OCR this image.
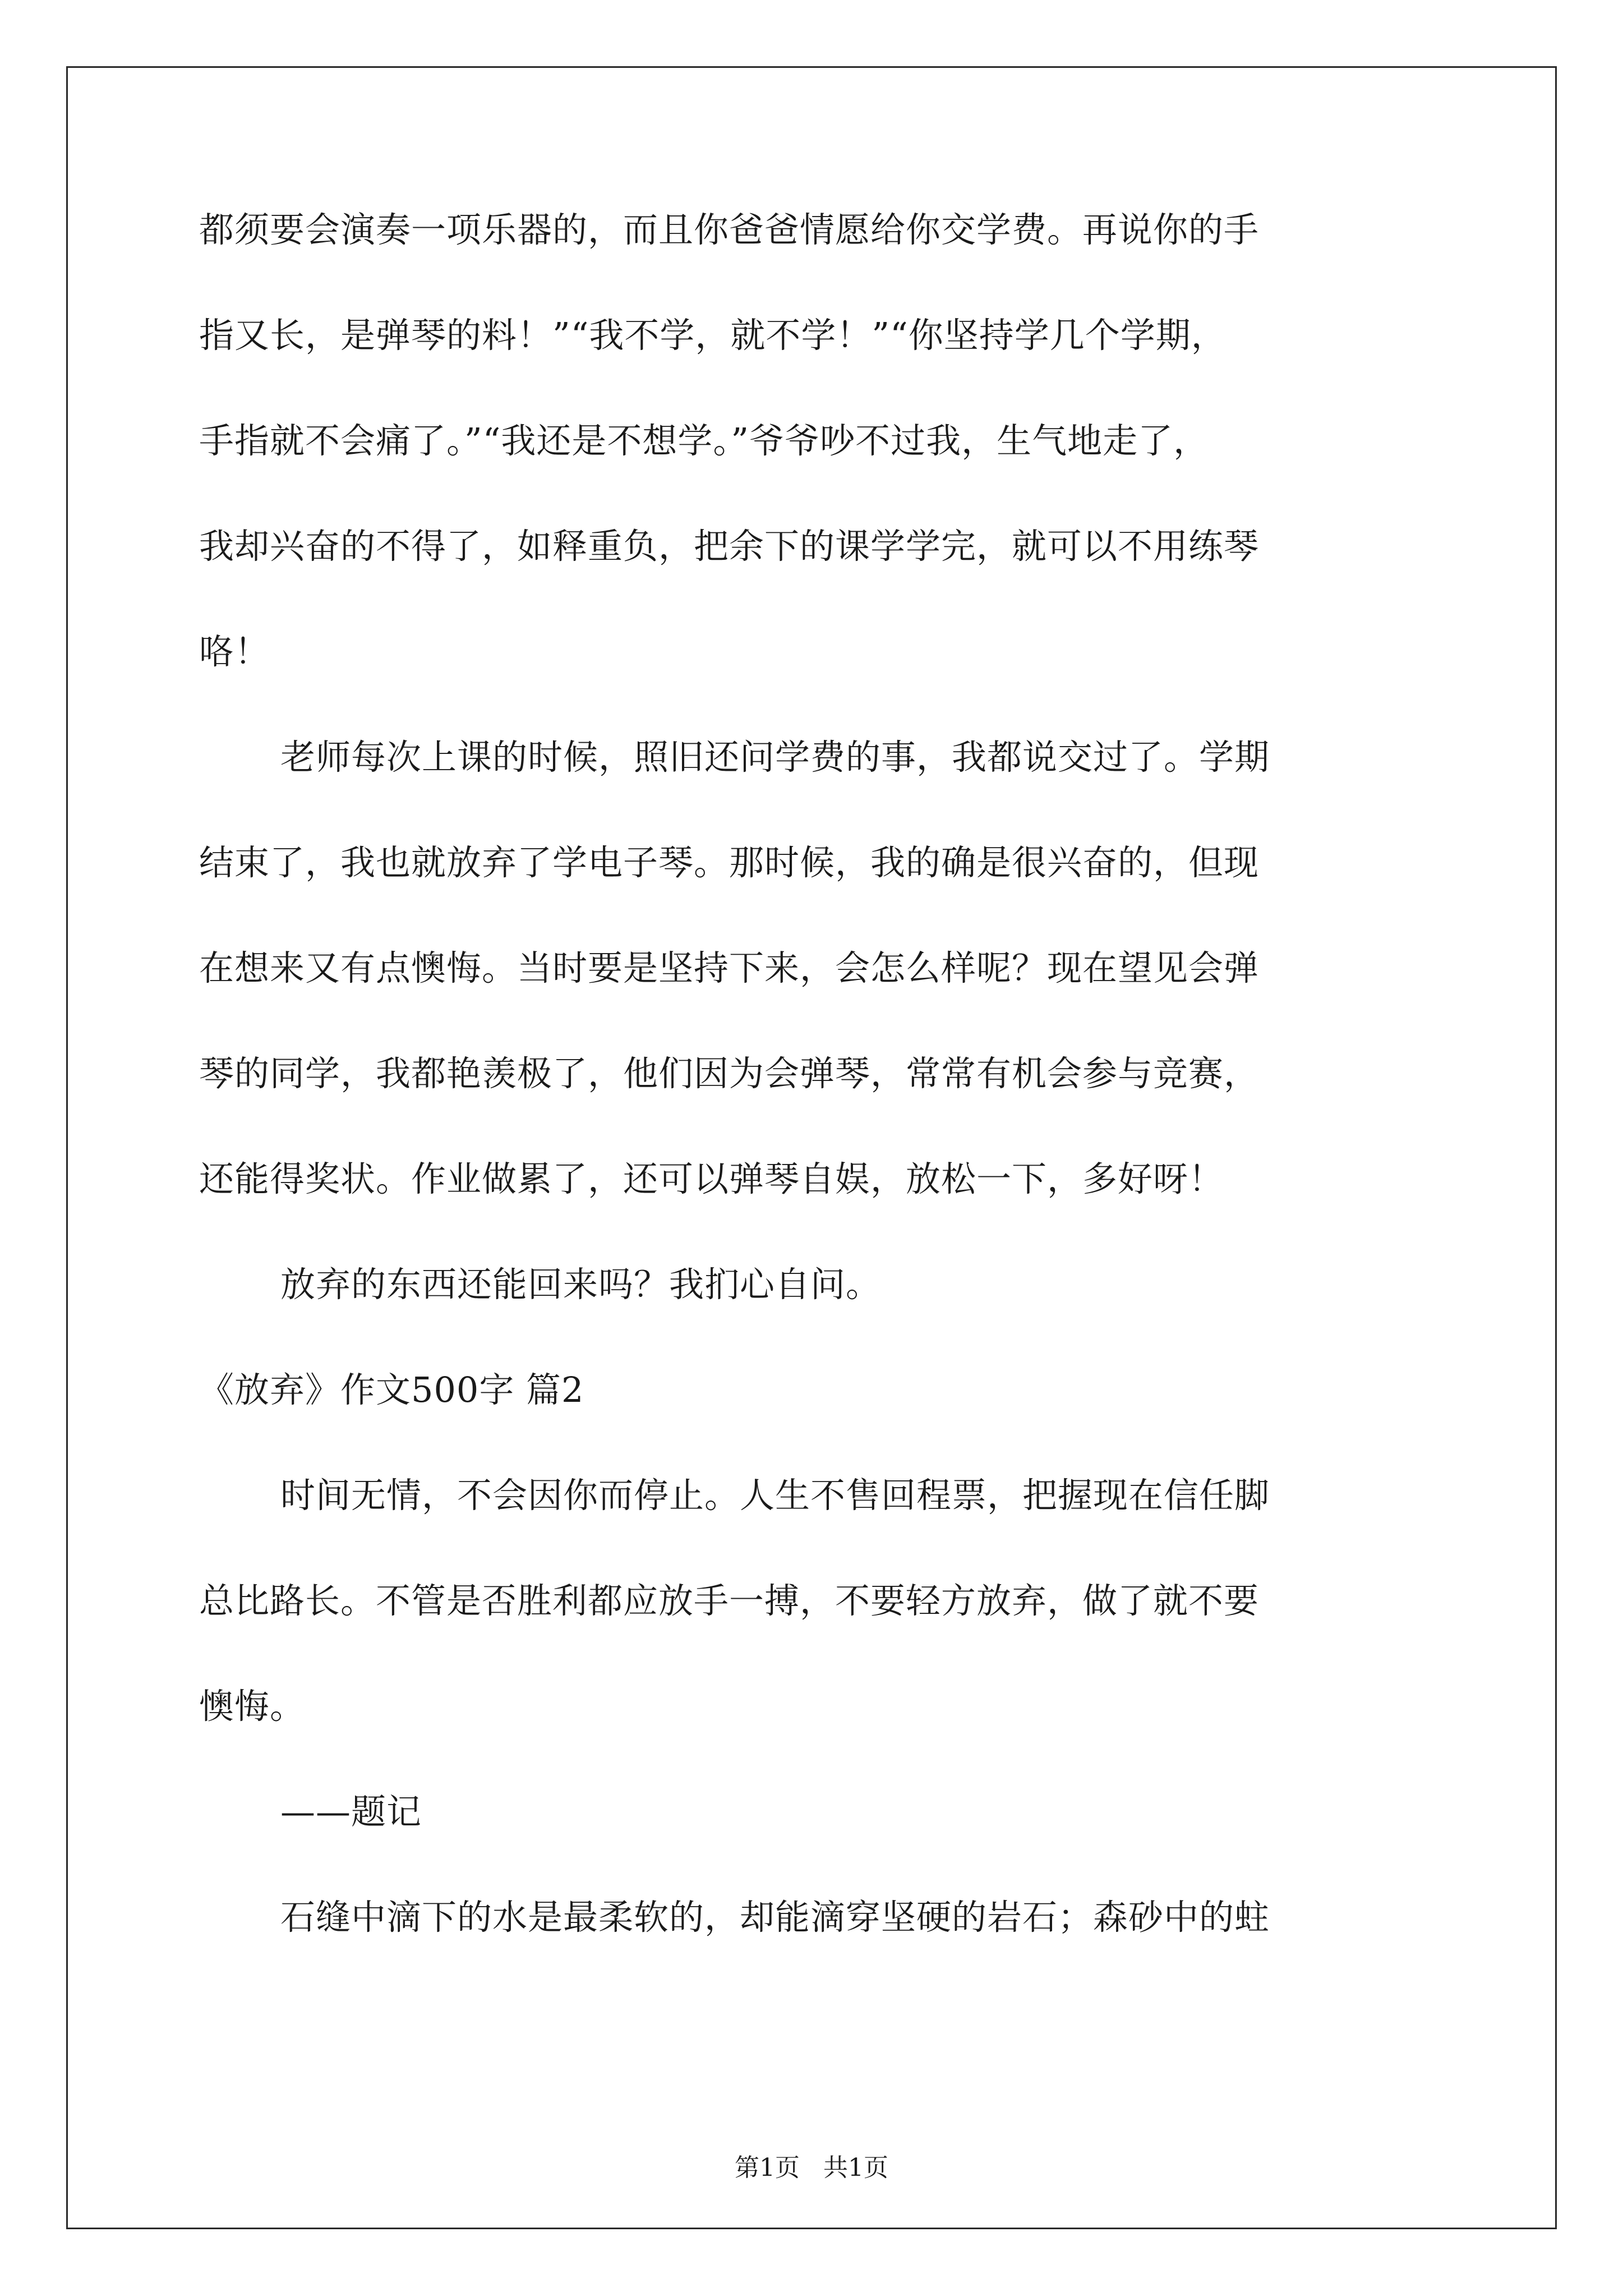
都须要会演奏一项乐器的，而且你爸爸情愿给你交学费。再说你的手
指又长，是弹琴的料！”“我不学，就不学！”“你坚持学几个学期，
手指就不会痛了。”“我还是不想学。”爷爷吵不过我，生气地走了，
我却兴奋的不得了，如释重负，把余下的课学学完，就可以不用练琴
咯！
老师每次上课的时候，照旧还问学费的事，我都说交过了。学期
结束了，我也就放弃了学电子琴。那时候，我的确是很兴奋的，但现
在想来又有点懊悔。当时要是坚持下来，会怎么样呢？现在望见会弹
琴的同学，我都艳羡极了，他们因为会弹琴，常常有机会参与竞赛，
还能得奖状。作业做累了，还可以弹琴自娱，放松一下，多好呀！
放弃的东西还能回来吗？我扪心自问。
《放弃》作文500字 篇2
时间无情，不会因你而停止。人生不售回程票，把握现在信任脚
总比路长。不管是否胜利都应放手一搏，不要轻方放弃，做了就不要
懊悔。
——题记
石缝中滴下的水是最柔软的，却能滴穿坚硬的岩石；森砂中的蛀
第1页   共1页
